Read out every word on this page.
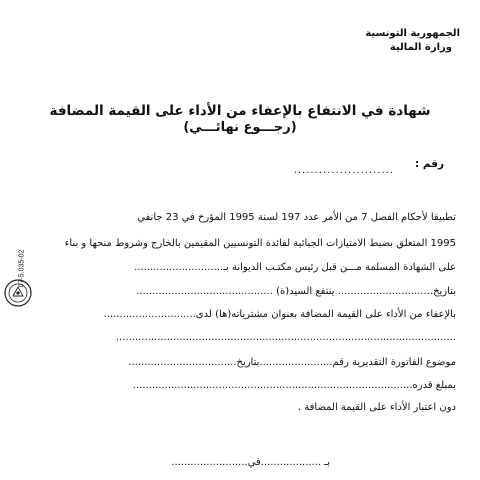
الجمهورية التونسية
وزارة المالية
شهادة في الانتفاع بالإعفاء من الأداء على القيمة المضافة
(رجـــوع نهائـــي)
رقم :
........................
تطبيقا لأحكام الفصل 7 من الأمر عدد 197 لسنة 1995 المؤرخ في 23 جانفي
1995 المتعلق بضبط الامتيازات الجبائية لفائدة التونسيين المقيمين بالخارج وشروط منحها و بناء
على الشهادة المسلمة مـــن قبل رئيس مكتـب الديوانة بـ............................
بتاريخ.............................. ينتفع السيد(ة) ...........................................
بالإعفاء من الأداء على القيمة المضافة بعنوان مشترياته(ها) لدى.............................
...........................................................................................................
موضوع الفاتورة التقديرية رقم.......................بتاريخ..................................
بمبلغ قدره........................................................................................
دون اعتبار الأداء على القيمة المضافة .
بـ ...................في........................
07-5.035-02
